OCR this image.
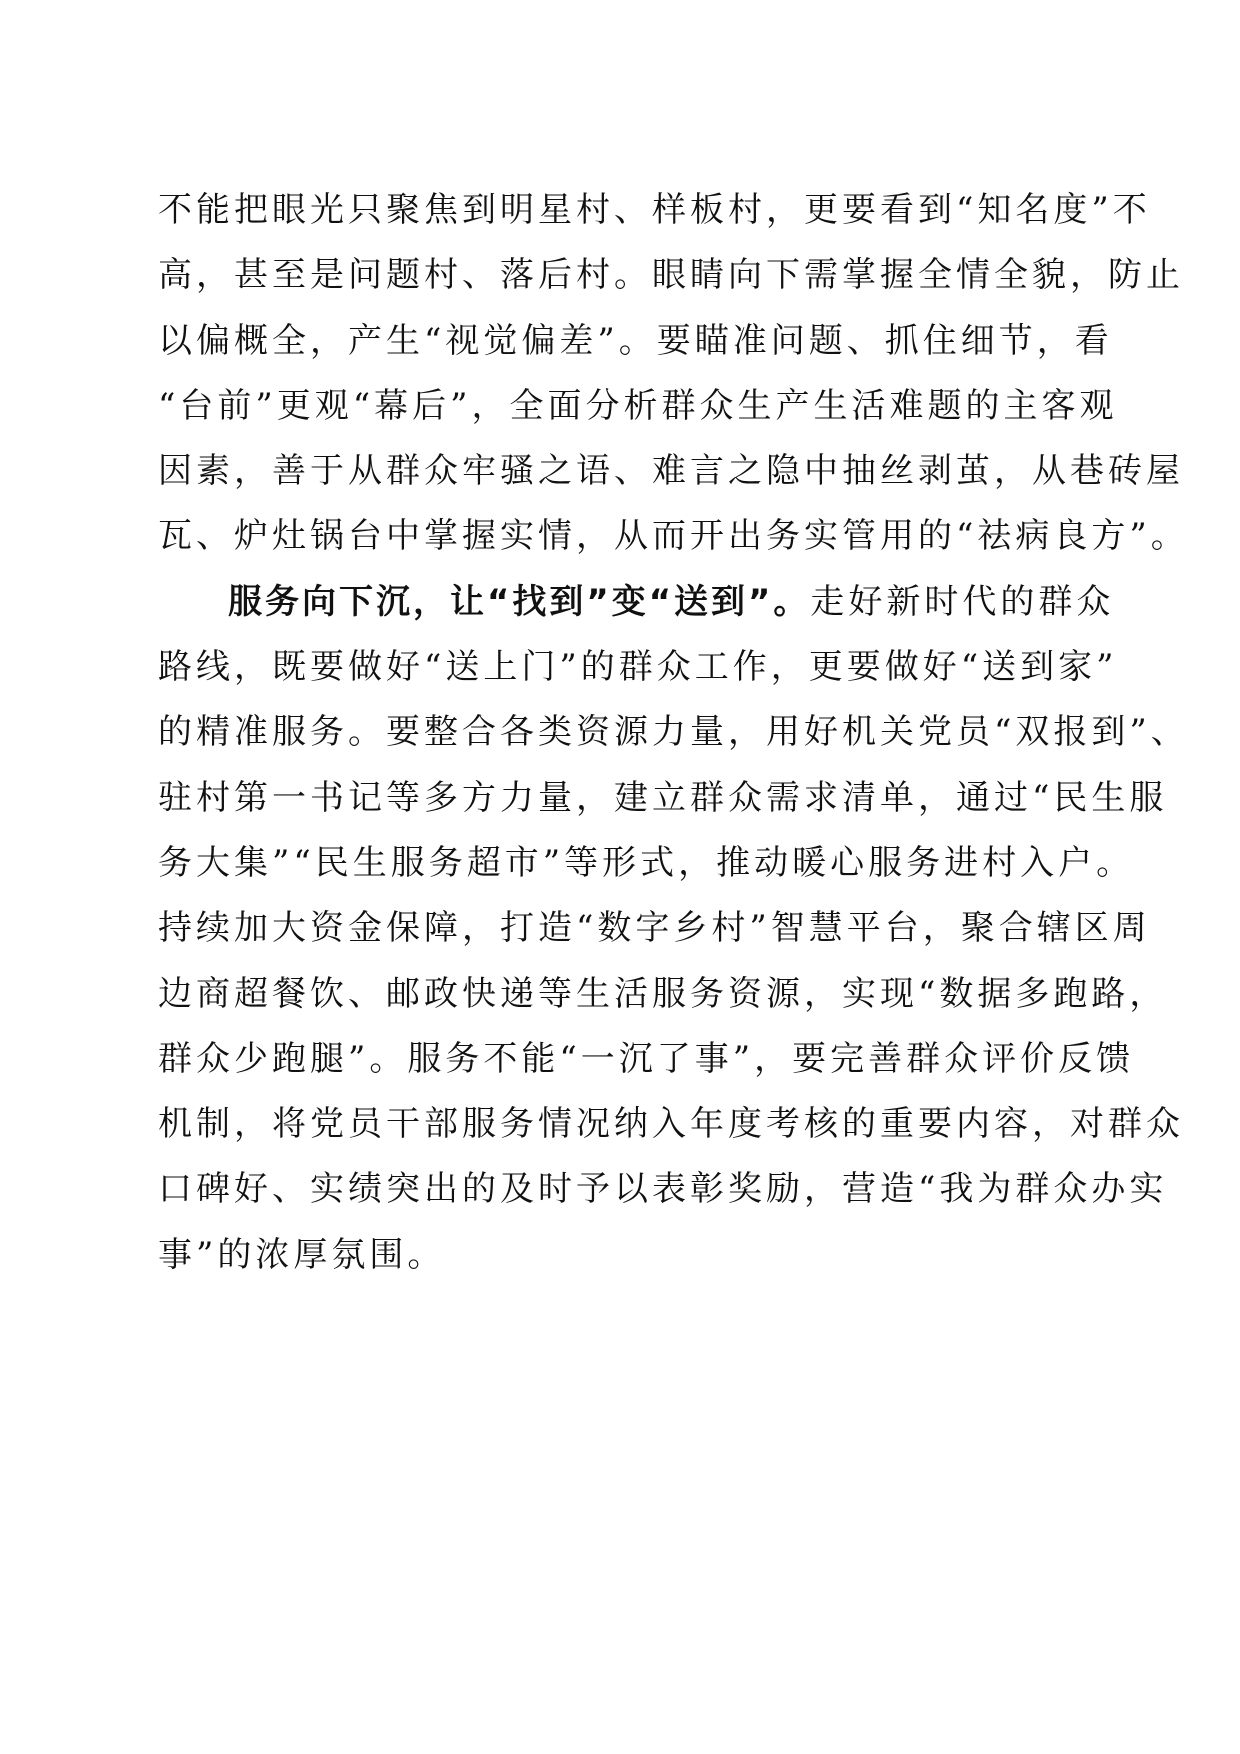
不能把眼光只聚焦到明星村、样板村，更要看到“知名度”不
高，甚至是问题村、落后村。眼睛向下需掌握全情全貌，防止
以偏概全，产生“视觉偏差”。要瞄准问题、抓住细节，看
“台前”更观“幕后”，全面分析群众生产生活难题的主客观
因素，善于从群众牢骚之语、难言之隐中抽丝剥茧，从巷砖屋
瓦、炉灶锅台中掌握实情，从而开出务实管用的“祛病良方”。
服务向下沉，让“找到”变“送到”。走好新时代的群众
路线，既要做好“送上门”的群众工作，更要做好“送到家”
的精准服务。要整合各类资源力量，用好机关党员“双报到”、
驻村第一书记等多方力量，建立群众需求清单，通过“民生服
务大集”“民生服务超市”等形式，推动暖心服务进村入户。
持续加大资金保障，打造“数字乡村”智慧平台，聚合辖区周
边商超餐饮、邮政快递等生活服务资源，实现“数据多跑路，
群众少跑腿”。服务不能“一沉了事”，要完善群众评价反馈
机制，将党员干部服务情况纳入年度考核的重要内容，对群众
口碑好、实绩突出的及时予以表彰奖励，营造“我为群众办实
事”的浓厚氛围。
